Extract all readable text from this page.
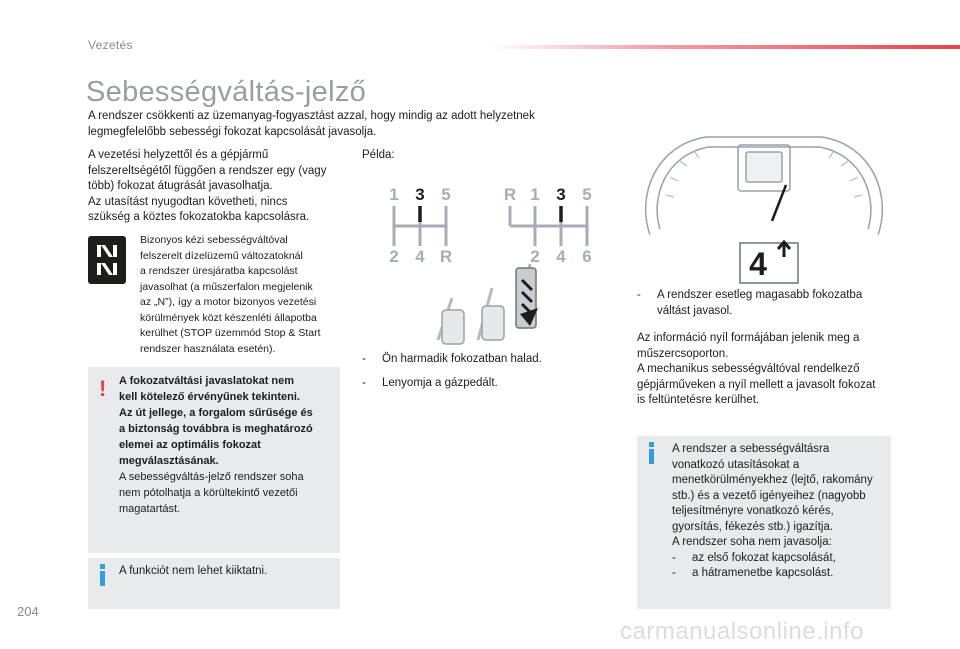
Vezetés
Sebességváltás-jelző
A rendszer csökkenti az üzemanyag-fogyasztást azzal, hogy mindig az adott helyzetnek legmegfelelőbb sebességi fokozat kapcsolását javasolja.
A vezetési helyzettől és a gépjármű
felszereltségétől függően a rendszer egy (vagy
több) fokozat átugrását javasolhatja.
Az utasítást nyugodtan követheti, nincs
szükség a köztes fokozatokba kapcsolásra.
Bizonyos kézi sebességváltóval
felszerelt dízelüzemű változatoknál
a rendszer üresjáratba kapcsolást
javasolhat (a műszerfalon megjelenik
az „N”), így a motor bizonyos vezetési
körülmények közt készenléti állapotba
kerülhet (STOP üzemmód Stop & Start
rendszer használata esetén).
! A fokozatváltási javaslatokat nem
kell kötelező érvényűnek tekinteni.
Az út jellege, a forgalom sűrűsége és
a biztonság továbbra is meghatározó
elemei az optimális fokozat
megválasztásának.
A sebességváltás-jelző rendszer soha
nem pótolhatja a körültekintő vezetői
magatartást.
A funkciót nem lehet kiiktatni.
Példa:
1 3 5
2 4 R
R 1 3 5
2 4 6
- Ön harmadik fokozatban halad.
- Lenyomja a gázpedált.
4
- A rendszer esetleg magasabb fokozatba
váltást javasol.
Az információ nyíl formájában jelenik meg a
műszercsoporton.
A mechanikus sebességváltóval rendelkező
gépjárműveken a nyíl mellett a javasolt fokozat
is feltüntetésre kerülhet.
A rendszer a sebességváltásra
vonatkozó utasításokat a
menetkörülményekhez (lejtő, rakomány
stb.) és a vezető igényeihez (nagyobb
teljesítményre vonatkozó kérés,
gyorsítás, fékezés stb.) igazítja.
A rendszer soha nem javasolja:
- az első fokozat kapcsolását,
- a hátramenetbe kapcsolást.
204
carmanualsonline.info
